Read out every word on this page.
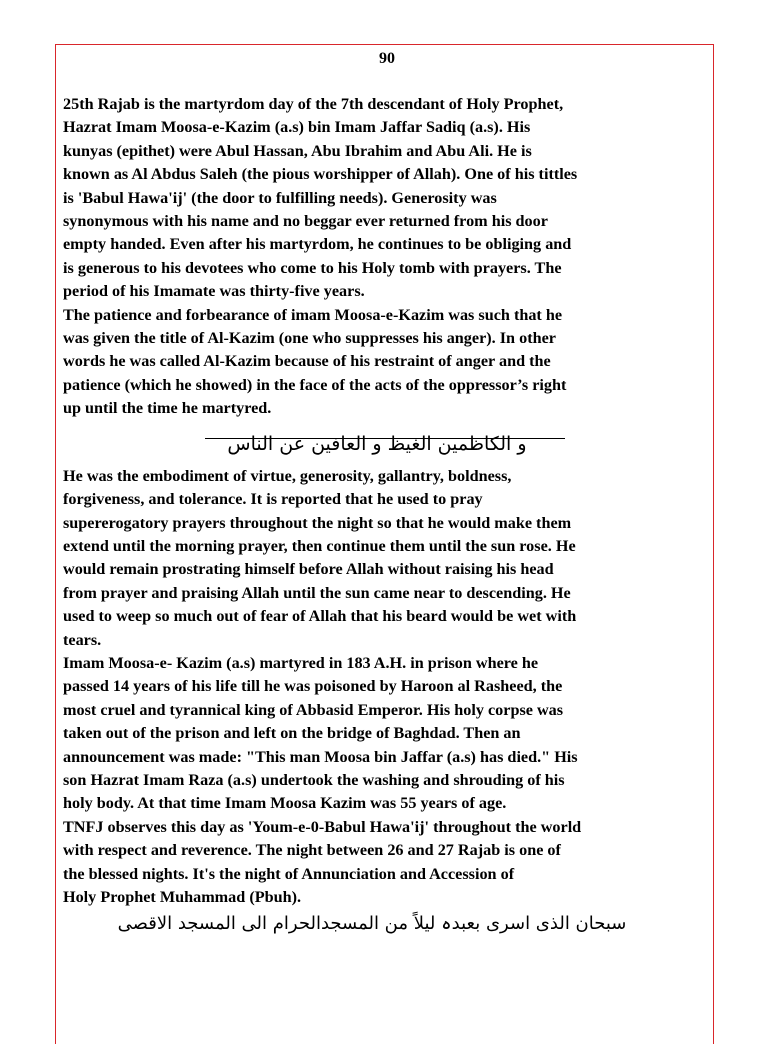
90

25th Rajab is the martyrdom day of the 7th descendant of Holy Prophet,
Hazrat Imam Moosa-e-Kazim (a.s) bin Imam Jaffar Sadiq (a.s). His
kunyas (epithet) were Abul Hassan, Abu Ibrahim and Abu Ali. He is
known as Al Abdus Saleh (the pious worshipper of Allah). One of his tittles
is 'Babul Hawa'ij' (the door to fulfilling needs). Generosity was
synonymous with his name and no beggar ever returned from his door
empty handed. Even after his martyrdom, he continues to be obliging and
is generous to his devotees who come to his Holy tomb with prayers. The
period of his Imamate was thirty-five years.

The patience and forbearance of imam Moosa-e-Kazim was such that he
was given the title of Al-Kazim (one who suppresses his anger). In other
words he was called Al-Kazim because of his restraint of anger and the
patience (which he showed) in the face of the acts of the oppressor’s right
up until the time he martyred.

و الكاظمين الغيظ و العافين عن الناس

He was the embodiment of virtue, generosity, gallantry, boldness,
forgiveness, and tolerance. It is reported that he used to pray
supererogatory prayers throughout the night so that he would make them
extend until the morning prayer, then continue them until the sun rose. He
would remain prostrating himself before Allah without raising his head
from prayer and praising Allah until the sun came near to descending. He
used to weep so much out of fear of Allah that his beard would be wet with
tears.

Imam Moosa-e- Kazim (a.s) martyred in 183 A.H. in prison where he
passed 14 years of his life till he was poisoned by Haroon al Rasheed, the
most cruel and tyrannical king of Abbasid Emperor. His holy corpse was
taken out of the prison and left on the bridge of Baghdad. Then an
announcement was made: "This man Moosa bin Jaffar (a.s) has died." His
son Hazrat Imam Raza (a.s) undertook the washing and shrouding of his
holy body. At that time Imam Moosa Kazim was 55 years of age.

TNFJ observes this day as 'Youm-e-0-Babul Hawa'ij' throughout the world
with respect and reverence. The night between 26 and 27 Rajab is one of
the blessed nights. It's the night of Annunciation and Accession of
Holy Prophet Muhammad (Pbuh).

سبحان الذی اسری بعبدہ لیلاً من المسجدالحرام الی المسجد الاقصی
